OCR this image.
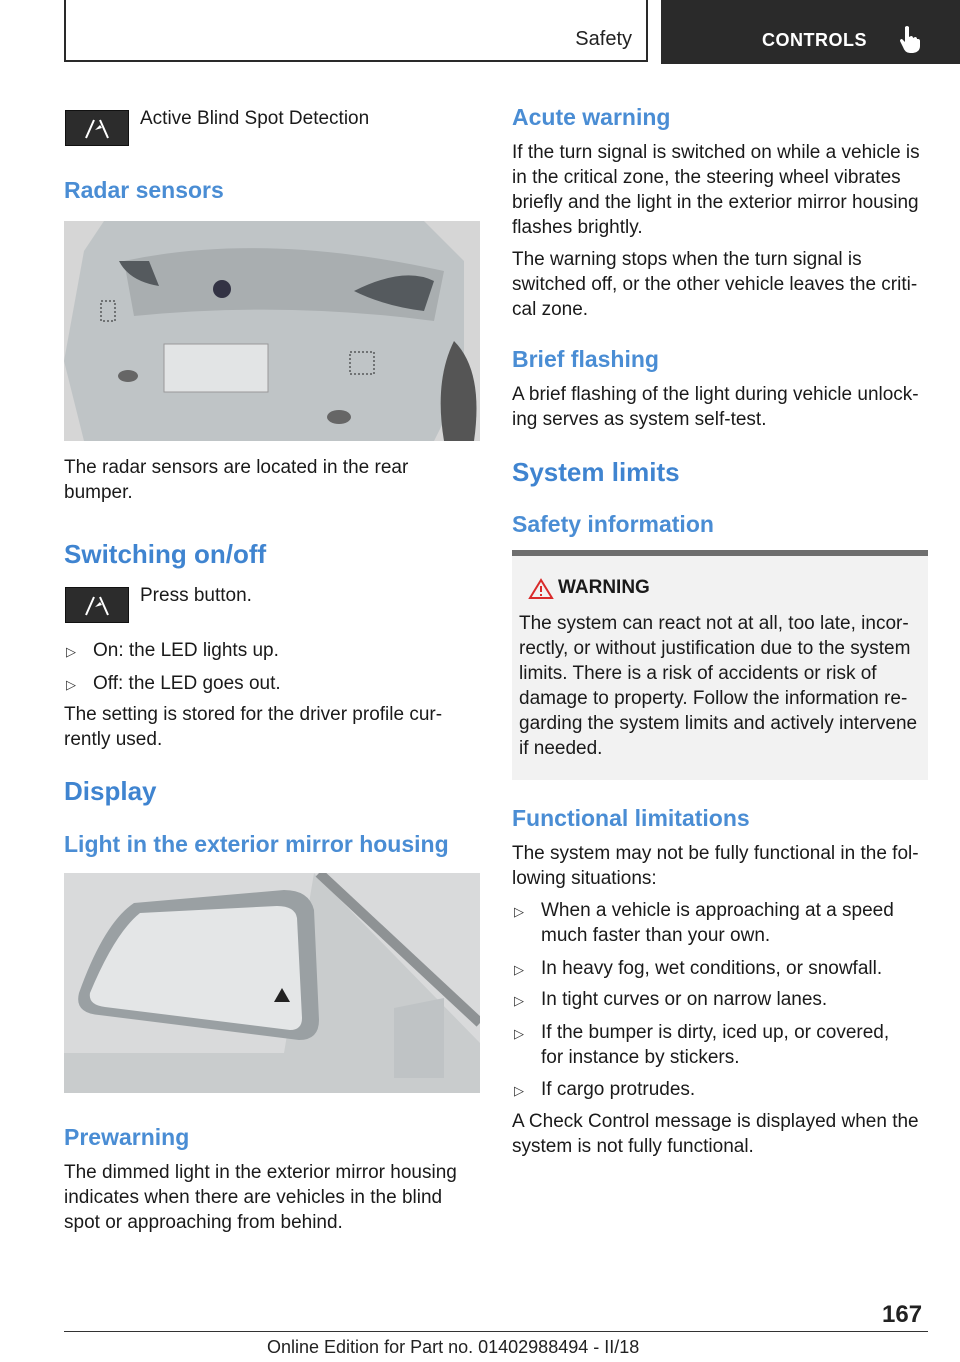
Safety	CONTROLS
Active Blind Spot Detection
Radar sensors
The radar sensors are located in the rear bumper.
Switching on/off
Press button.
▷ On: the LED lights up.
▷ Off: the LED goes out.
The setting is stored for the driver profile cur-rently used.
Display
Light in the exterior mirror housing
Prewarning
The dimmed light in the exterior mirror housing indicates when there are vehicles in the blind spot or approaching from behind.
Acute warning
If the turn signal is switched on while a vehicle is in the critical zone, the steering wheel vibrates briefly and the light in the exterior mirror housing flashes brightly.
The warning stops when the turn signal is switched off, or the other vehicle leaves the criti-cal zone.
Brief flashing
A brief flashing of the light during vehicle unlock-ing serves as system self-test.
System limits
Safety information
WARNING
The system can react not at all, too late, incor-rectly, or without justification due to the system limits. There is a risk of accidents or risk of damage to property. Follow the information re-garding the system limits and actively intervene if needed.
Functional limitations
The system may not be fully functional in the fol-lowing situations:
▷ When a vehicle is approaching at a speed much faster than your own.
▷ In heavy fog, wet conditions, or snowfall.
▷ In tight curves or on narrow lanes.
▷ If the bumper is dirty, iced up, or covered, for instance by stickers.
▷ If cargo protrudes.
A Check Control message is displayed when the system is not fully functional.
167
Online Edition for Part no. 01402988494 - II/18
